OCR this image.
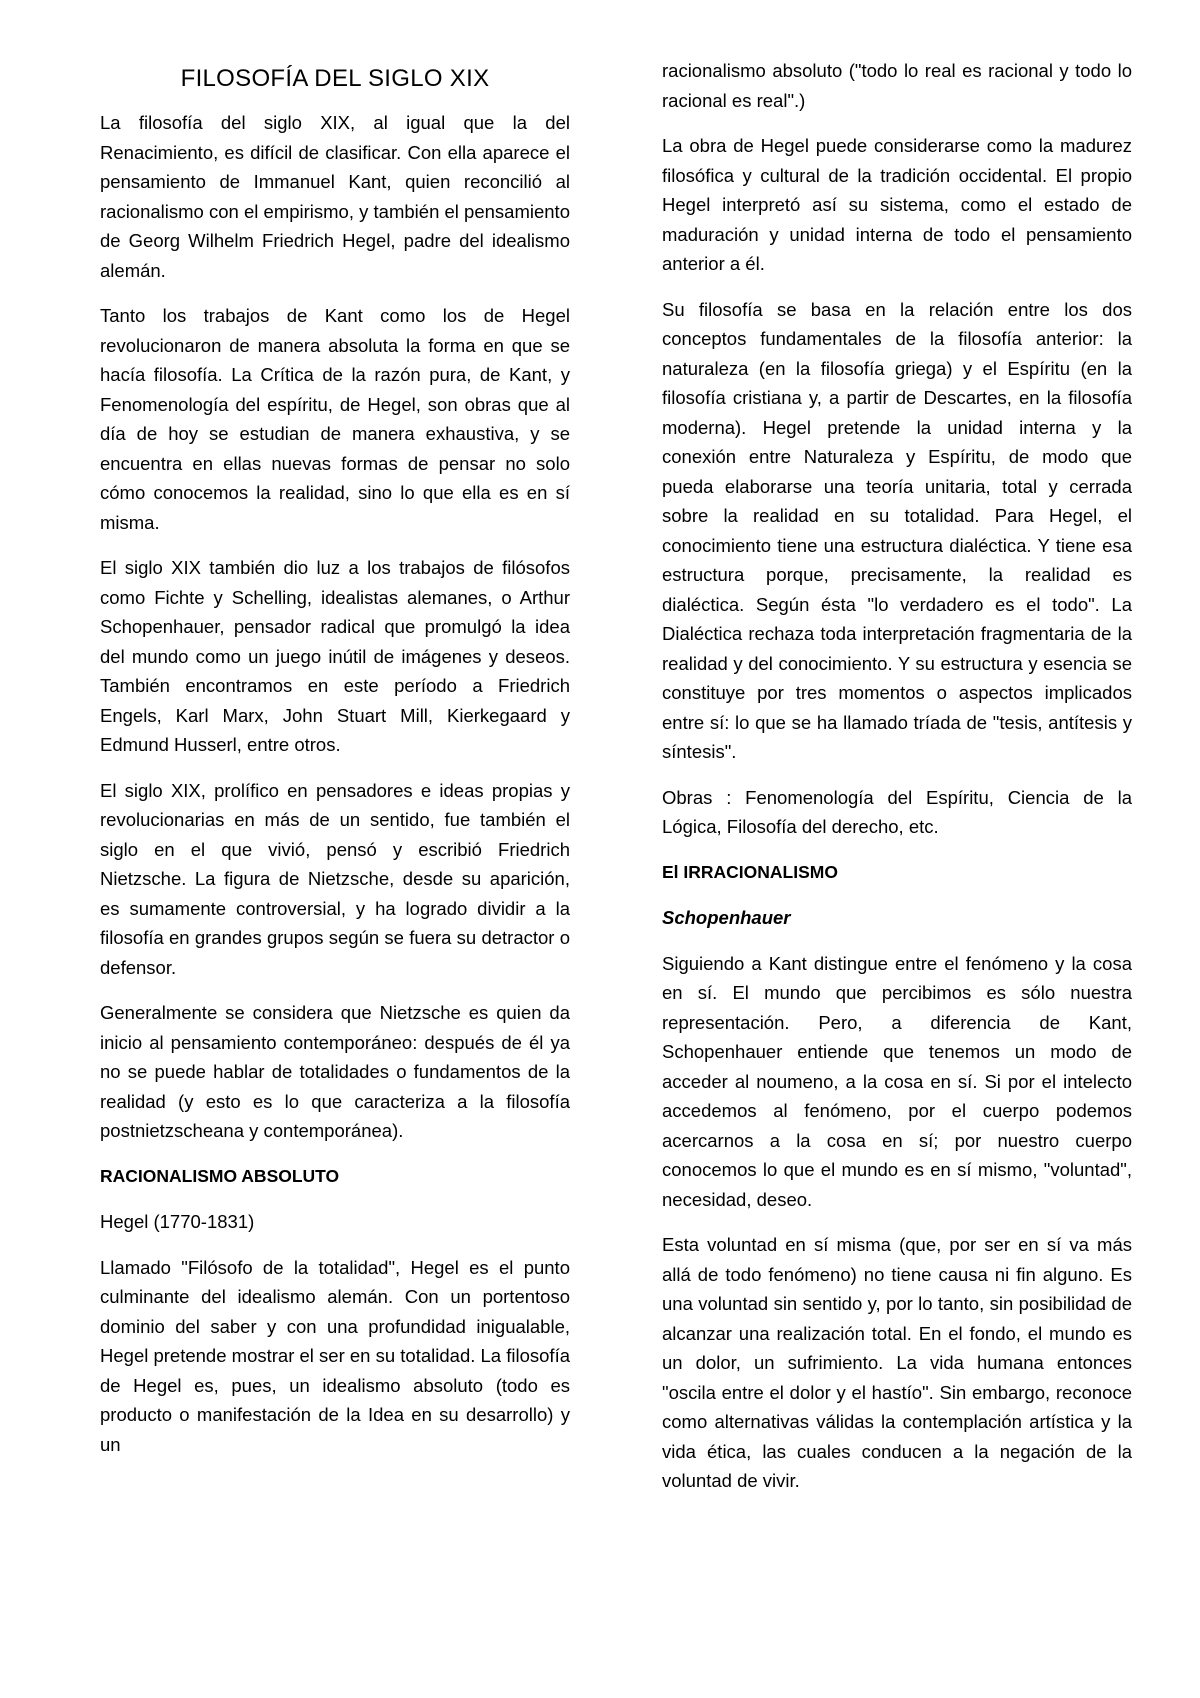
FILOSOFÍA DEL SIGLO XIX

La filosofía del siglo XIX, al igual que la del Renacimiento, es difícil de clasificar. Con ella aparece el pensamiento de Immanuel Kant, quien reconcilió al racionalismo con el empirismo, y también el pensamiento de Georg Wilhelm Friedrich Hegel, padre del idealismo alemán.

Tanto los trabajos de Kant como los de Hegel revolucionaron de manera absoluta la forma en que se hacía filosofía. La Crítica de la razón pura, de Kant, y Fenomenología del espíritu, de Hegel, son obras que al día de hoy se estudian de manera exhaustiva, y se encuentra en ellas nuevas formas de pensar no solo cómo conocemos la realidad, sino lo que ella es en sí misma.

El siglo XIX también dio luz a los trabajos de filósofos como Fichte y Schelling, idealistas alemanes, o Arthur Schopenhauer, pensador radical que promulgó la idea del mundo como un juego inútil de imágenes y deseos. También encontramos en este período a Friedrich Engels, Karl Marx, John Stuart Mill, Kierkegaard y Edmund Husserl, entre otros.

El siglo XIX, prolífico en pensadores e ideas propias y revolucionarias en más de un sentido, fue también el siglo en el que vivió, pensó y escribió Friedrich Nietzsche. La figura de Nietzsche, desde su aparición, es sumamente controversial, y ha logrado dividir a la filosofía en grandes grupos según se fuera su detractor o defensor.

Generalmente se considera que Nietzsche es quien da inicio al pensamiento contemporáneo: después de él ya no se puede hablar de totalidades o fundamentos de la realidad (y esto es lo que caracteriza a la filosofía postnietzscheana y contemporánea).

RACIONALISMO ABSOLUTO
Hegel (1770-1831)

Llamado "Filósofo de la totalidad", Hegel es el punto culminante del idealismo alemán. Con un portentoso dominio del saber y con una profundidad inigualable, Hegel pretende mostrar el ser en su totalidad. La filosofía de Hegel es, pues, un idealismo absoluto (todo es producto o manifestación de la Idea en su desarrollo) y un

racionalismo absoluto ("todo lo real es racional y todo lo racional es real".)

La obra de Hegel puede considerarse como la madurez filosófica y cultural de la tradición occidental. El propio Hegel interpretó así su sistema, como el estado de maduración y unidad interna de todo el pensamiento anterior a él.

Su filosofía se basa en la relación entre los dos conceptos fundamentales de la filosofía anterior: la naturaleza (en la filosofía griega) y el Espíritu (en la filosofía cristiana y, a partir de Descartes, en la filosofía moderna). Hegel pretende la unidad interna y la conexión entre Naturaleza y Espíritu, de modo que pueda elaborarse una teoría unitaria, total y cerrada sobre la realidad en su totalidad. Para Hegel, el conocimiento tiene una estructura dialéctica. Y tiene esa estructura porque, precisamente, la realidad es dialéctica. Según ésta "lo verdadero es el todo". La Dialéctica rechaza toda interpretación fragmentaria de la realidad y del conocimiento. Y su estructura y esencia se constituye por tres momentos o aspectos implicados entre sí: lo que se ha llamado tríada de "tesis, antítesis y síntesis".

Obras : Fenomenología del Espíritu, Ciencia de la Lógica, Filosofía del derecho, etc.

El IRRACIONALISMO
Schopenhauer

Siguiendo a Kant distingue entre el fenómeno y la cosa en sí. El mundo que percibimos es sólo nuestra representación. Pero, a diferencia de Kant, Schopenhauer entiende que tenemos un modo de acceder al noumeno, a la cosa en sí. Si por el intelecto accedemos al fenómeno, por el cuerpo podemos acercarnos a la cosa en sí; por nuestro cuerpo conocemos lo que el mundo es en sí mismo, "voluntad", necesidad, deseo.

Esta voluntad en sí misma (que, por ser en sí va más allá de todo fenómeno) no tiene causa ni fin alguno. Es una voluntad sin sentido y, por lo tanto, sin posibilidad de alcanzar una realización total. En el fondo, el mundo es un dolor, un sufrimiento. La vida humana entonces "oscila entre el dolor y el hastío". Sin embargo, reconoce como alternativas válidas la contemplación artística y la vida ética, las cuales conducen a la negación de la voluntad de vivir.
